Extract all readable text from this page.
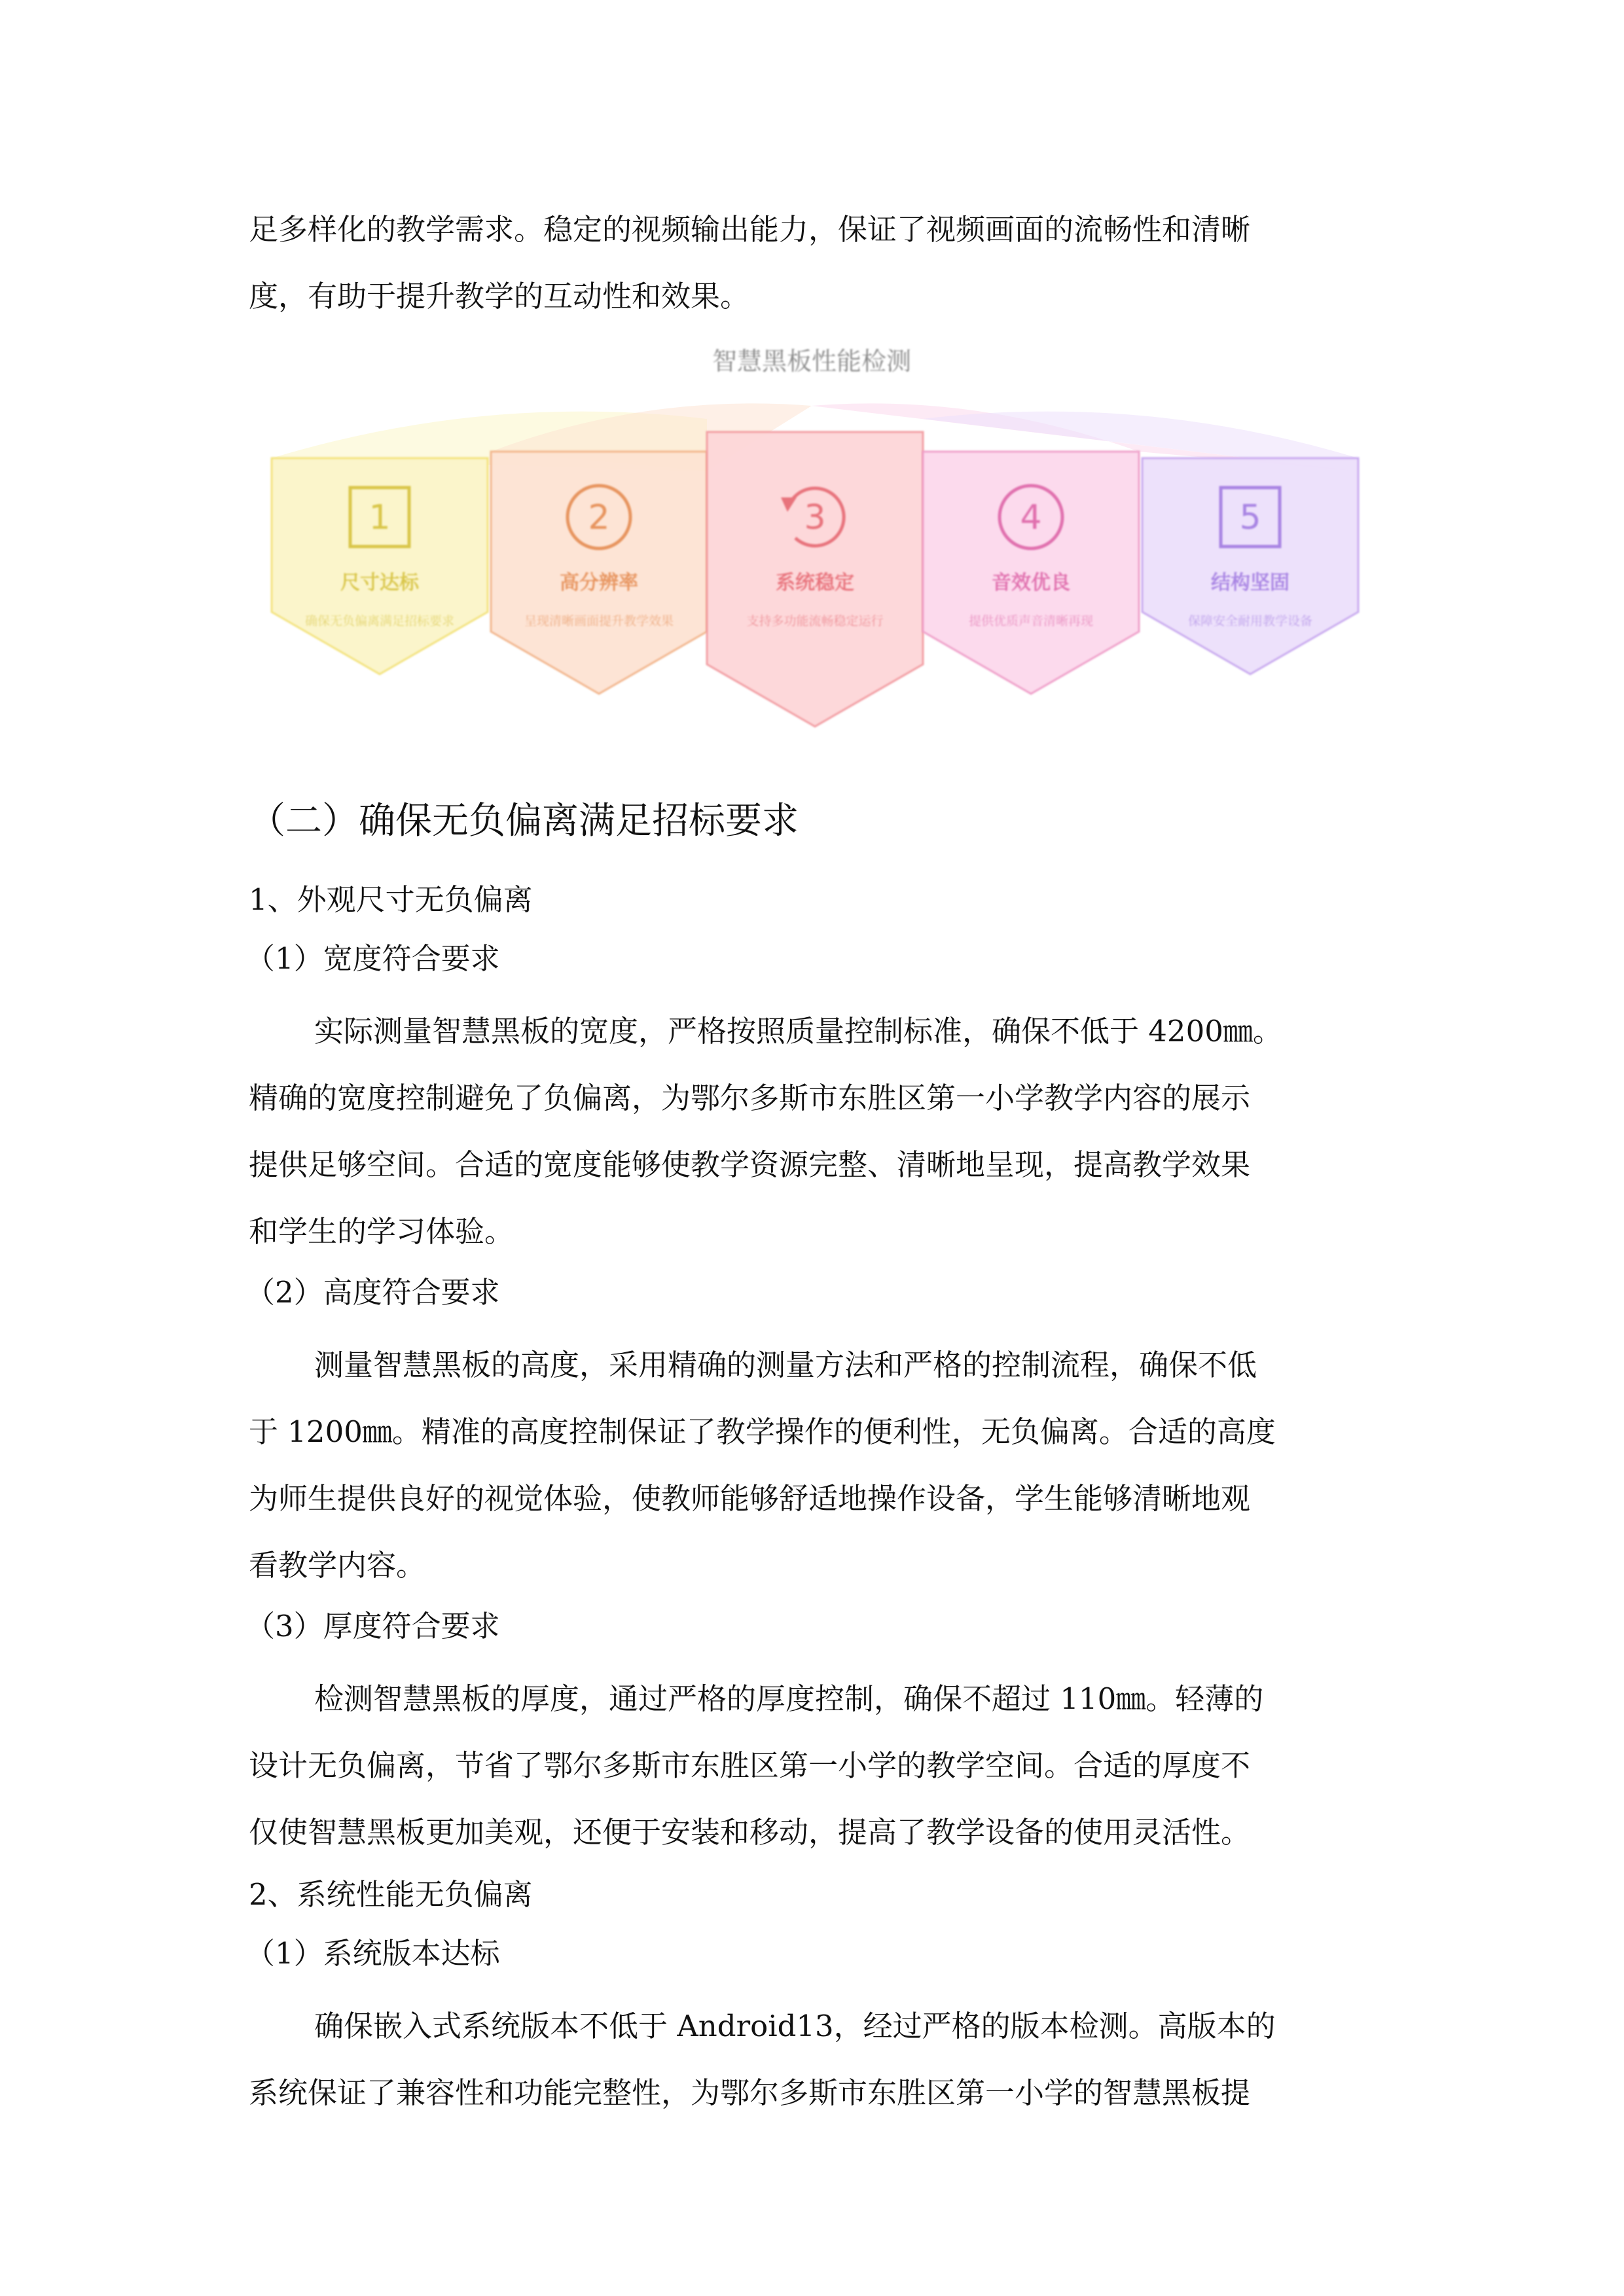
足多样化的教学需求。稳定的视频输出能力，保证了视频画面的流畅性和清晰

度，有助于提升教学的互动性和效果。

智慧黑板性能检测
1
尺寸达标
确保无负偏离满足招标要求
2
高分辨率
呈现清晰画面提升教学效果
3
系统稳定
支持多功能流畅稳定运行
4
音效优良
提供优质声音清晰再现
5
结构坚固
保障安全耐用教学设备
（二）确保无负偏离满足招标要求
1、外观尺寸无负偏离
（1）宽度符合要求

实际测量智慧黑板的宽度，严格按照质量控制标准，确保不低于 4200㎜。

精确的宽度控制避免了负偏离，为鄂尔多斯市东胜区第一小学教学内容的展示

提供足够空间。合适的宽度能够使教学资源完整、清晰地呈现，提高教学效果

和学生的学习体验。

（2）高度符合要求

测量智慧黑板的高度，采用精确的测量方法和严格的控制流程，确保不低

于 1200㎜。精准的高度控制保证了教学操作的便利性，无负偏离。合适的高度

为师生提供良好的视觉体验，使教师能够舒适地操作设备，学生能够清晰地观

看教学内容。

（3）厚度符合要求

检测智慧黑板的厚度，通过严格的厚度控制，确保不超过 110㎜。轻薄的

设计无负偏离，节省了鄂尔多斯市东胜区第一小学的教学空间。合适的厚度不

仅使智慧黑板更加美观，还便于安装和移动，提高了教学设备的使用灵活性。

2、系统性能无负偏离
（1）系统版本达标

确保嵌入式系统版本不低于 Android13，经过严格的版本检测。高版本的

系统保证了兼容性和功能完整性，为鄂尔多斯市东胜区第一小学的智慧黑板提
